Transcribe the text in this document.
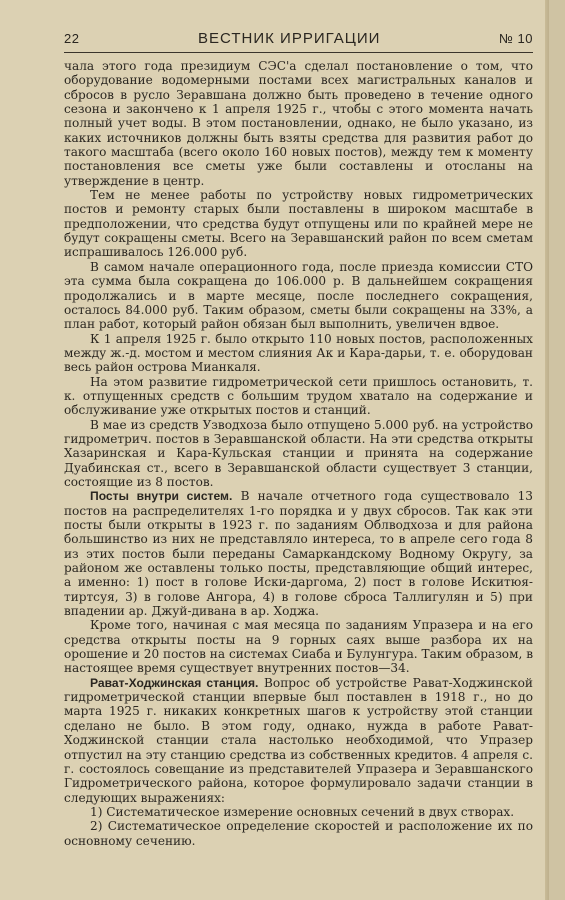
22	ВЕСТНИК ИРРИГАЦИИ	№ 10

чала этого года президиум СЭС'а сделал постановление о том, что оборудование водомерными постами всех магистральных каналов и сбросов в русло Зеравшана должно быть проведено в течение одного сезона и закончено к 1 апреля 1925 г., чтобы с этого момента начать полный учет воды. В этом постановлении, однако, не было указано, из каких источников должны быть взяты средства для развития работ до такого масштаба (всего около 160 новых постов), между тем к моменту постановления все сметы уже были составлены и отосланы на утверждение в центр.

Тем не менее работы по устройству новых гидрометрических постов и ремонту старых были поставлены в широком масштабе в предположении, что средства будут отпущены или по крайней мере не будут сокращены сметы. Всего на Зеравшанский район по всем сметам испрашивалось 126.000 руб.

В самом начале операционного года, после приезда комиссии СТО эта сумма была сокращена до 106.000 р. В дальнейшем сокращения продолжались и в марте месяце, после последнего сокращения, осталось 84.000 руб. Таким образом, сметы были сокращены на 33%, а план работ, который район обязан был выполнить, увеличен вдвое.

К 1 апреля 1925 г. было открыто 110 новых постов, расположенных между ж.-д. мостом и местом слияния Ак и Кара-дарьи, т. е. оборудован весь район острова Мианкаля.

На этом развитие гидрометрической сети пришлось остановить, т. к. отпущенных средств с большим трудом хватало на содержание и обслуживание уже открытых постов и станций.

В мае из средств Узводхоза было отпущено 5.000 руб. на устройство гидрометрич. постов в Зеравшанской области. На эти средства открыты Хазаринская и Кара-Кульская станции и принята на содержание Дуабинская ст., всего в Зеравшанской области существует 3 станции, состоящие из 8 постов.

Посты внутри систем. В начале отчетного года существовало 13 постов на распределителях 1-го порядка и у двух сбросов. Так как эти посты были открыты в 1923 г. по заданиям Облводхоза и для района большинство из них не представляло интереса, то в апреле сего года 8 из этих постов были переданы Самаркандскому Водному Округу, за районом же оставлены только посты, представляющие общий интерес, а именно: 1) пост в голове Иски-даргома, 2) пост в голове Искитюя-тиртсуя, 3) в голове Ангора, 4) в голове сброса Таллигулян и 5) при впадении ар. Джуй-дивана в ар. Ходжа.

Кроме того, начиная с мая месяца по заданиям Упразера и на его средства открыты посты на 9 горных саях выше разбора их на орошение и 20 постов на системах Сиаба и Булунгура. Таким образом, в настоящее время существует внутренних постов—34.

Рават-Ходжинская станция. Вопрос об устройстве Рават-Ходжинской гидрометрической станции впервые был поставлен в 1918 г., но до марта 1925 г. никаких конкретных шагов к устройству этой станции сделано не было. В этом году, однако, нужда в работе Рават-Ходжинской станции стала настолько необходимой, что Упразер отпустил на эту станцию средства из собственных кредитов. 4 апреля с. г. состоялось совещание из представителей Упразера и Зеравшанского Гидрометрического района, которое формулировало задачи станции в следующих выражениях:

1) Систематическое измерение основных сечений в двух створах.

2) Систематическое определение скоростей и расположение их по основному сечению.
